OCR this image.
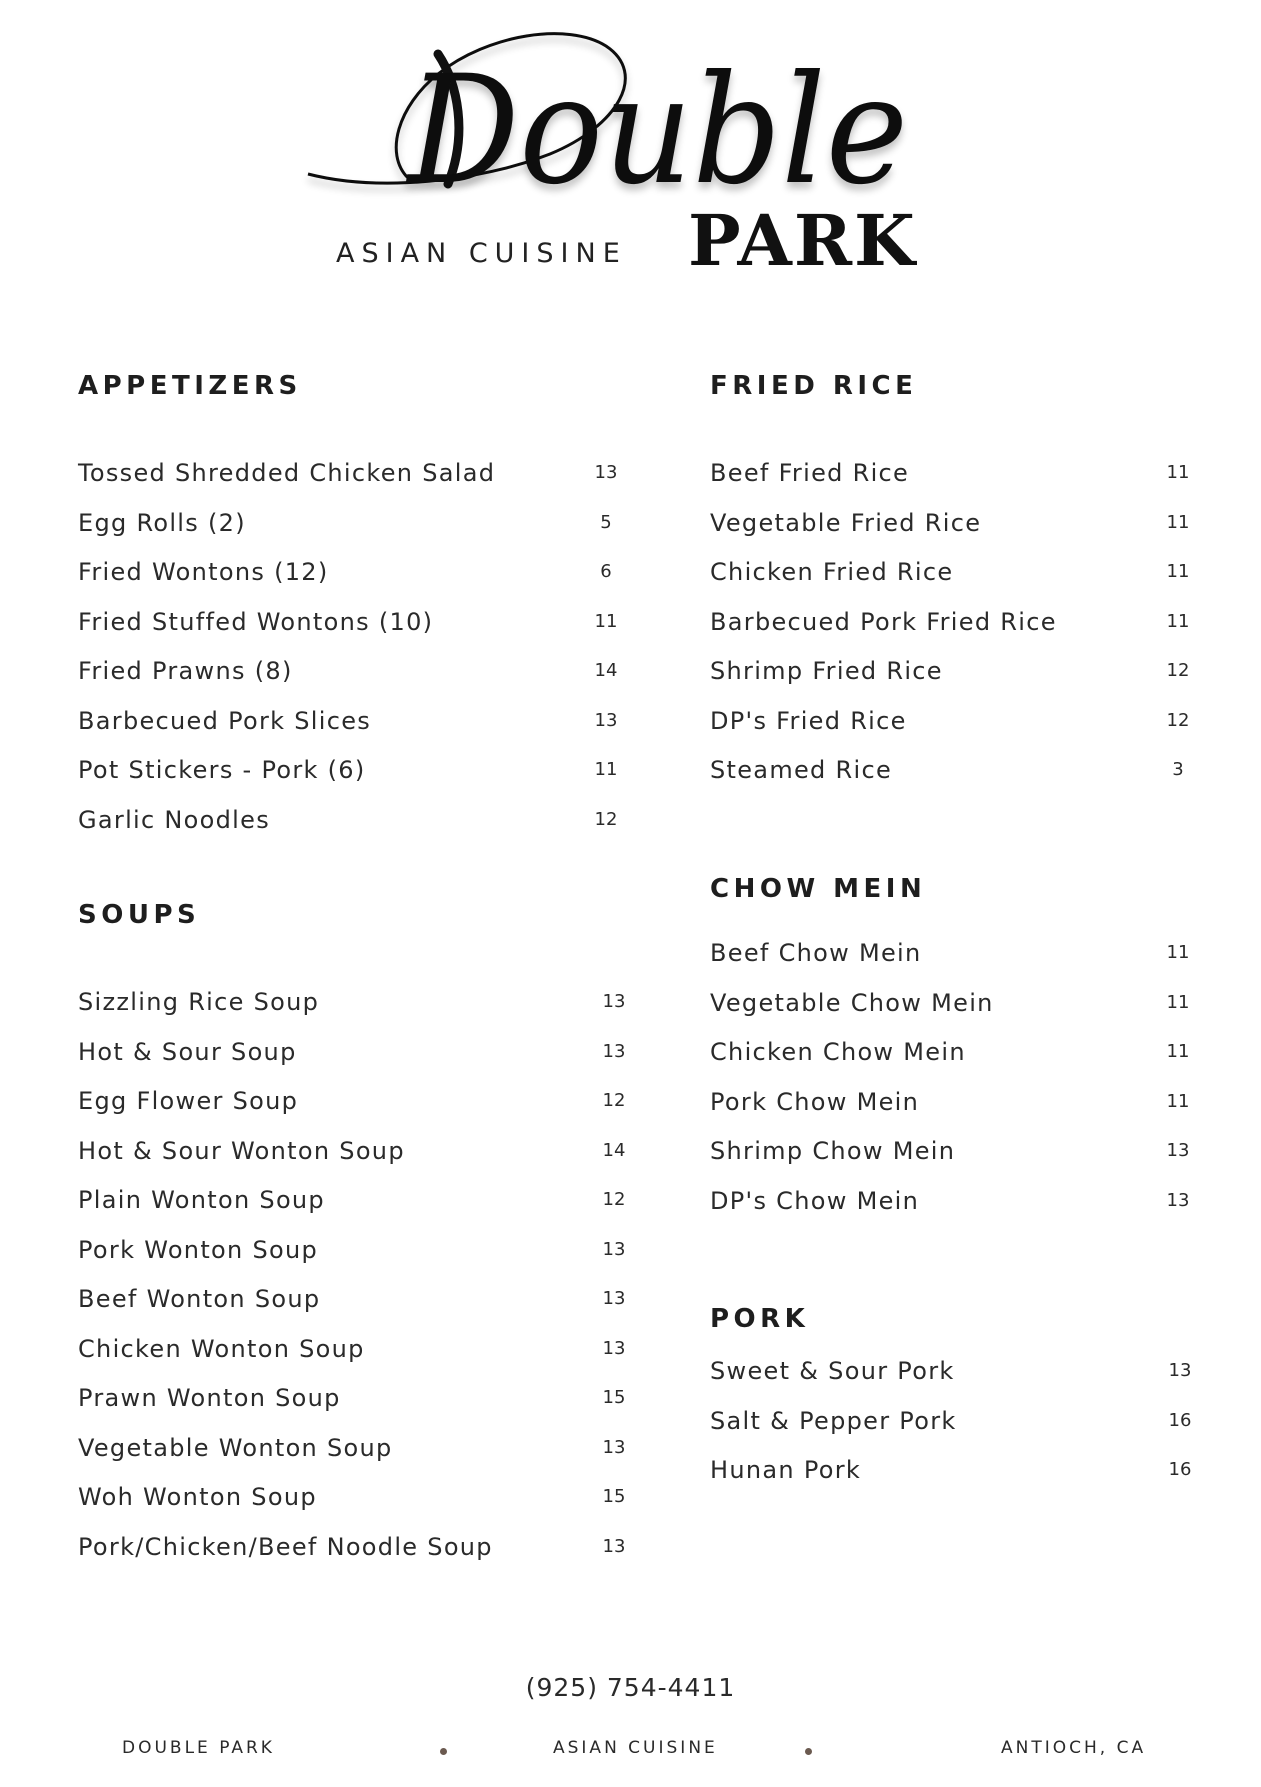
Double
ASIAN CUISINE PARK
APPETIZERS
Tossed Shredded Chicken Salad	13
Egg Rolls (2)	5
Fried Wontons (12)	6
Fried Stuffed Wontons (10)	11
Fried Prawns (8)	14
Barbecued Pork Slices	13
Pot Stickers - Pork (6)	11
Garlic Noodles	12
SOUPS
Sizzling Rice Soup	13
Hot & Sour Soup	13
Egg Flower Soup	12
Hot & Sour Wonton Soup	14
Plain Wonton Soup	12
Pork Wonton Soup	13
Beef Wonton Soup	13
Chicken Wonton Soup	13
Prawn Wonton Soup	15
Vegetable Wonton Soup	13
Woh Wonton Soup	15
Pork/Chicken/Beef Noodle Soup	13
FRIED RICE
Beef Fried Rice	11
Vegetable Fried Rice	11
Chicken Fried Rice	11
Barbecued Pork Fried Rice	11
Shrimp Fried Rice	12
DP's Fried Rice	12
Steamed Rice	3
CHOW MEIN
Beef Chow Mein	11
Vegetable Chow Mein	11
Chicken Chow Mein	11
Pork Chow Mein	11
Shrimp Chow Mein	13
DP's Chow Mein	13
PORK
Sweet & Sour Pork	13
Salt & Pepper Pork	16
Hunan Pork	16
(925) 754-4411
DOUBLE PARK	ASIAN CUISINE	ANTIOCH, CA
